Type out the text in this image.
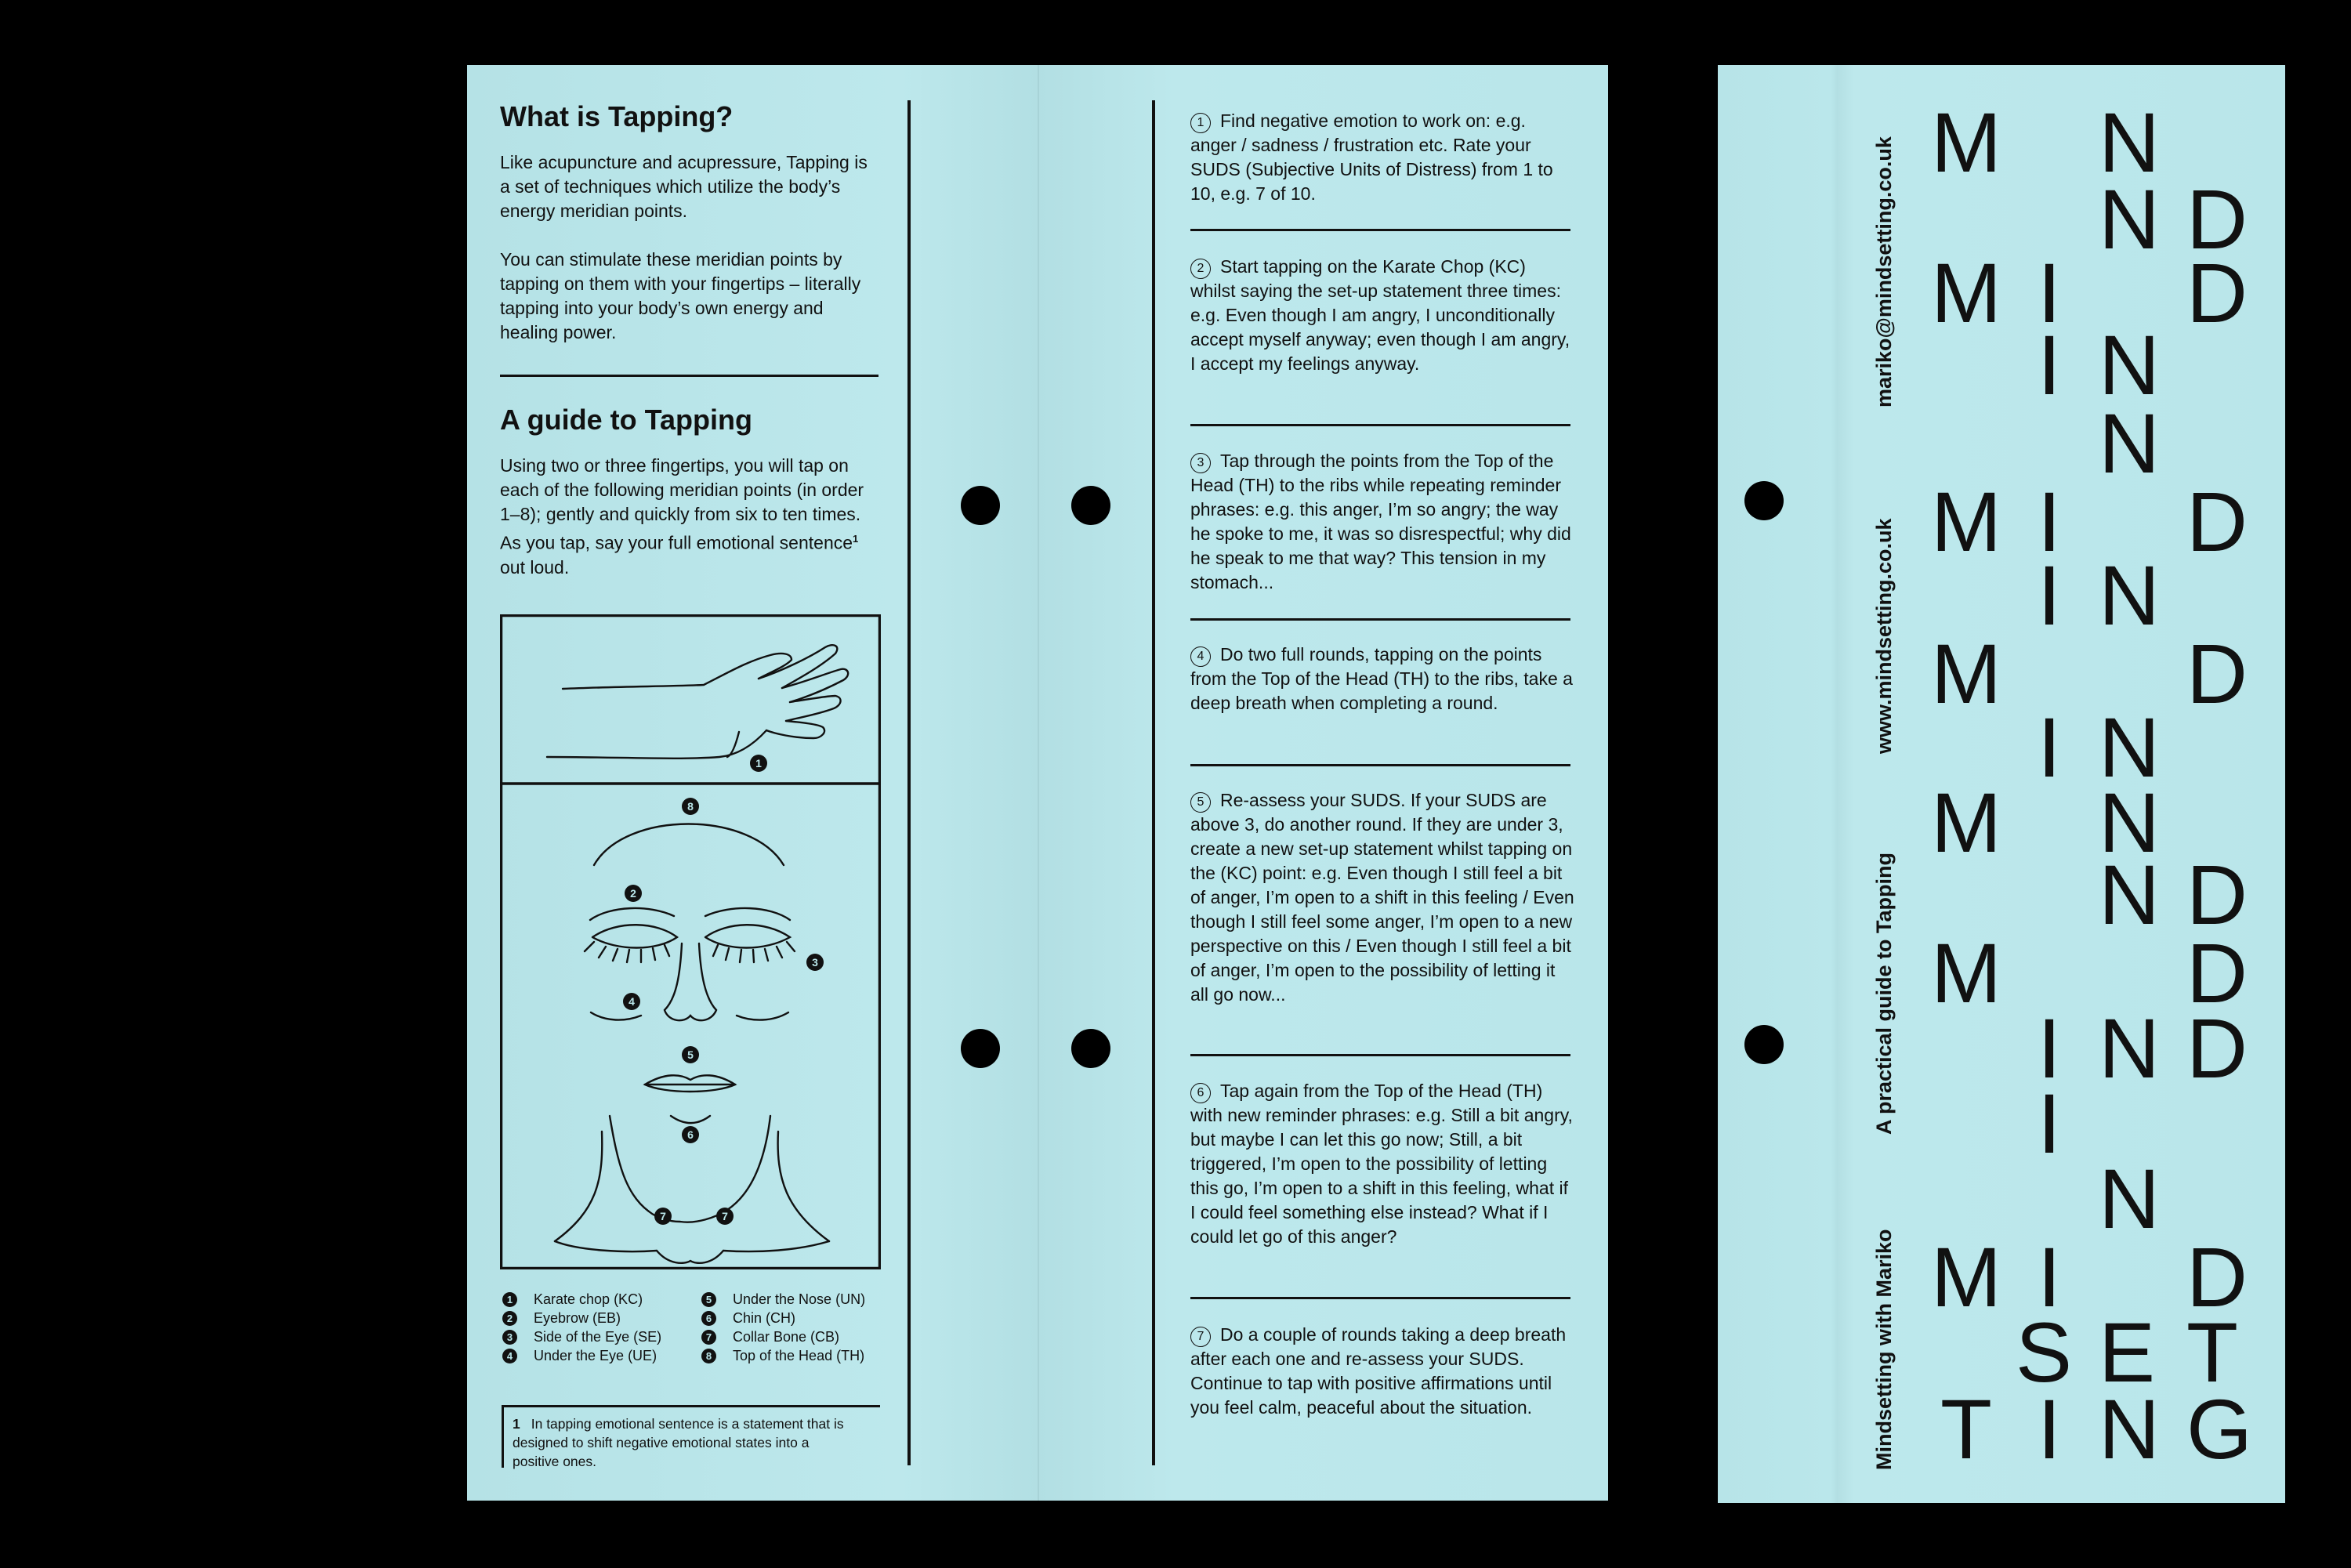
What is Tapping?

Like acupuncture and acupressure, Tapping is a set of techniques which utilize the body’s energy meridian points.

You can stimulate these meridian points by tapping on them with your fingertips – literally tapping into your body’s own energy and healing power.

A guide to Tapping

Using two or three fingertips, you will tap on each of the following meridian points (in order 1–8); gently and quickly from six to ten times. As you tap, say your full emotional sentence$^1$ out loud.

1
2
3
4
5
6
7	7
8
1	Karate chop (KC)
2	Eyebrow (EB)
3	Side of the Eye (SE)
4	Under the Eye (UE)
5	Under the Nose (UN)
6	Chin (CH)
7	Collar Bone (CB)
8	Top of the Head (TH)
1 In tapping emotional sentence is a statement that is designed to shift negative emotional states into a positive ones.

1 Find negative emotion to work on: e.g. anger / sadness / frustration etc. Rate your SUDS (Subjective Units of Distress) from 1 to 10, e.g. 7 of 10.

2 Start tapping on the Karate Chop (KC) whilst saying the set-up statement three times: e.g. Even though I am angry, I unconditionally accept myself anyway; even though I am angry, I accept my feelings anyway.

3 Tap through the points from the Top of the Head (TH) to the ribs while repeating reminder phrases: e.g. this anger, I’m so angry; the way he spoke to me, it was so disrespectful; why did he speak to me that way? This tension in my stomach...

4 Do two full rounds, tapping on the points from the Top of the Head (TH) to the ribs, take a deep breath when completing a round.

5 Re-assess your SUDS. If your SUDS are above 3, do another round. If they are under 3, create a new set-up statement whilst tapping on the (KC) point: e.g. Even though I still feel a bit of anger, I’m open to a shift in this feeling / Even though I still feel some anger, I’m open to a new perspective on this / Even though I still feel a bit of anger, I’m open to the possibility of letting it all go now...

6 Tap again from the Top of the Head (TH) with new reminder phrases: e.g. Still a bit angry, but maybe I can let this go now; Still, a bit triggered, I’m open to the possibility of letting this go, I’m open to a shift in this feeling, what if I could feel something else instead? What if I could let go of this anger?

7 Do a couple of rounds taking a deep breath after each one and re-assess your SUDS. Continue to tap with positive affirmations until you feel calm, peaceful about the situation.

mariko@mindsetting.co.uk
www.mindsetting.co.uk
A practical guide to Tapping
Mindsetting with Mariko
M N
N D
M I
N
D
I
N
M I D
I N
M D
I N
M N
N
N
D
M D
I
N
D
I
M I D
S E T
T I N G
